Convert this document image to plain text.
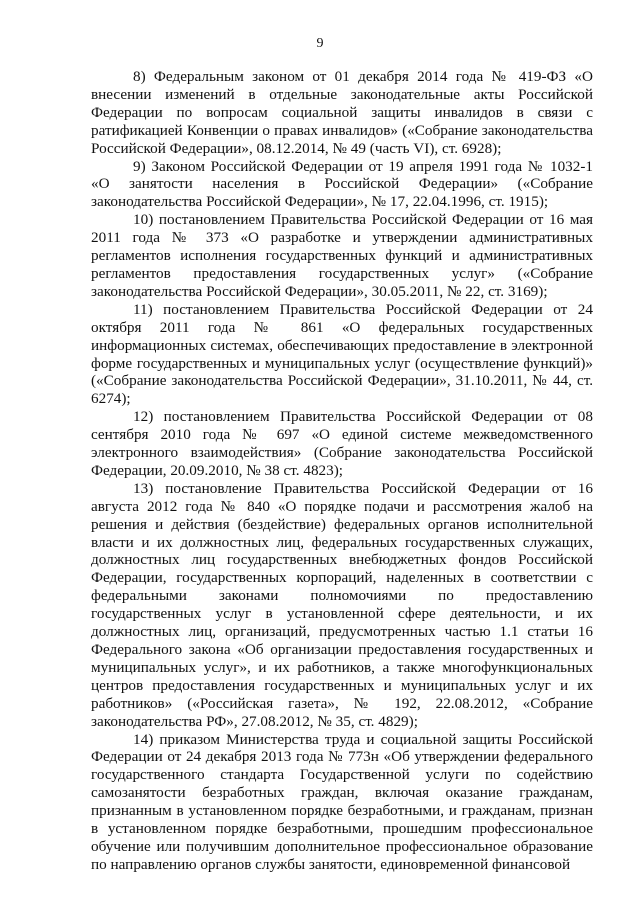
9

8) Федеральным законом от 01 декабря 2014 года № 419-ФЗ «О внесении изменений в отдельные законодательные акты Российской Федерации по вопросам социальной защиты инвалидов в связи с ратификацией Конвенции о правах инвалидов» («Собрание законодательства Российской Федерации», 08.12.2014, № 49 (часть VI), ст. 6928);

9) Законом Российской Федерации от 19 апреля 1991 года № 1032-1 «О занятости населения в Российской Федерации» («Собрание законодательства Российской Федерации», № 17, 22.04.1996, ст. 1915);

10) постановлением Правительства Российской Федерации от 16 мая 2011 года № 373 «О разработке и утверждении административных регламентов исполнения государственных функций и административных регламентов предоставления государственных услуг» («Собрание законодательства Российской Федерации», 30.05.2011, № 22, ст. 3169);

11) постановлением Правительства Российской Федерации от 24 октября 2011 года № 861 «О федеральных государственных информационных системах, обеспечивающих предоставление в электронной форме государственных и муниципальных услуг (осуществление функций)» («Собрание законодательства Российской Федерации», 31.10.2011, № 44, ст. 6274);

12) постановлением Правительства Российской Федерации от 08 сентября 2010 года № 697 «О единой системе межведомственного электронного взаимодействия» (Собрание законодательства Российской Федерации, 20.09.2010, № 38 ст. 4823);

13) постановление Правительства Российской Федерации от 16 августа 2012 года № 840 «О порядке подачи и рассмотрения жалоб на решения и действия (бездействие) федеральных органов исполнительной власти и их должностных лиц, федеральных государственных служащих, должностных лиц государственных внебюджетных фондов Российской Федерации, государственных корпораций, наделенных в соответствии с федеральными законами полномочиями по предоставлению государственных услуг в установленной сфере деятельности, и их должностных лиц, организаций, предусмотренных частью 1.1 статьи 16 Федерального закона «Об организации предоставления государственных и муниципальных услуг», и их работников, а также многофункциональных центров предоставления государственных и муниципальных услуг и их работников» («Российская газета», № 192, 22.08.2012, «Собрание законодательства РФ», 27.08.2012, № 35, ст. 4829);

14) приказом Министерства труда и социальной защиты Российской Федерации от 24 декабря 2013 года № 773н «Об утверждении федерального государственного стандарта Государственной услуги по содействию самозанятости безработных граждан, включая оказание гражданам, признанным в установленном порядке безработными, и гражданам, признан в установленном порядке безработными, прошедшим профессиональное обучение или получившим дополнительное профессиональное образование по направлению органов службы занятости, единовременной финансовой
